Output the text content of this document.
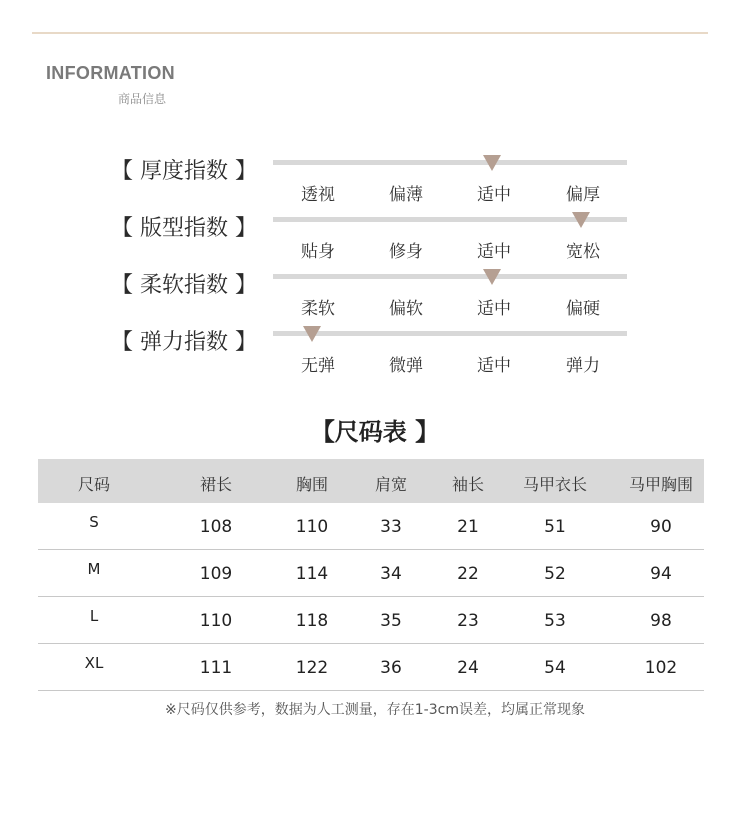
INFORMATION
商品信息
【 厚度指数 】
透视	偏薄	适中	偏厚
【 版型指数 】
贴身	修身	适中	宽松
【 柔软指数 】
柔软	偏软	适中	偏硬
【 弹力指数 】
无弹	微弹	适中	弹力
【尺码表 】
尺码	裙长	胸围	肩宽	袖长	马甲衣长	马甲胸围
S	108	110	33	21	51	90
M	109	114	34	22	52	94
L	110	118	35	23	53	98
XL	111	122	36	24	54	102
※尺码仅供参考，数据为人工测量，存在1-3cm误差，均属正常现象
